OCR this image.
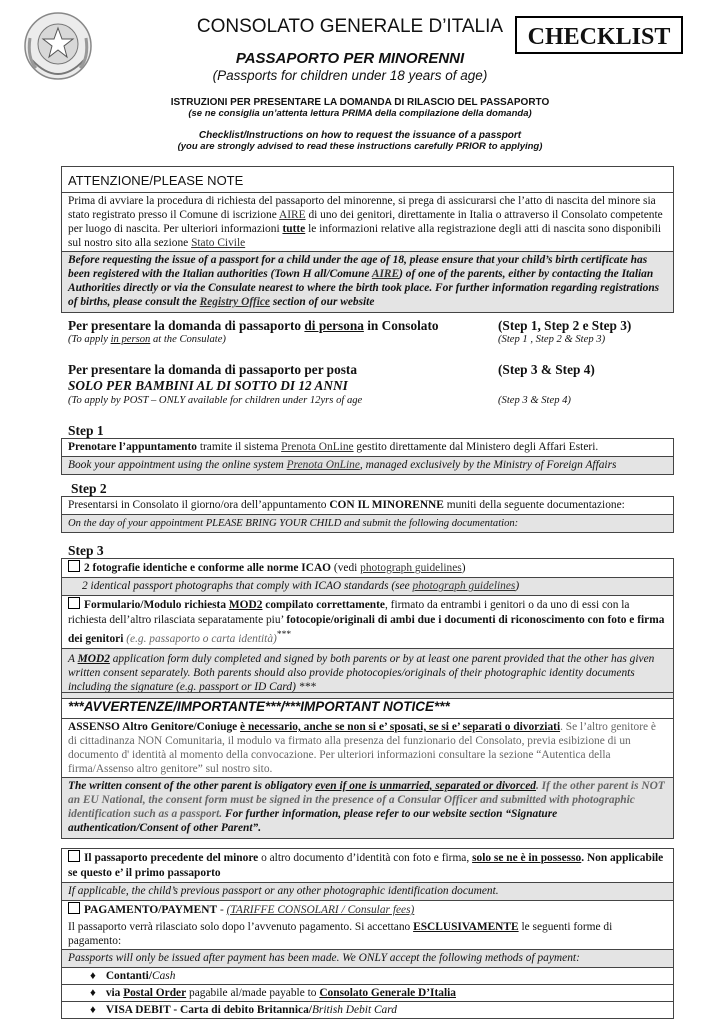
CONSOLATO GENERALE D’ITALIA	CHECKLIST
PASSAPORTO PER MINORENNI
(Passports for children under 18 years of age)
ISTRUZIONI PER PRESENTARE LA DOMANDA DI RILASCIO DEL PASSAPORTO
(se ne consiglia un’attenta lettura PRIMA della compilazione della domanda)
Checklist/Instructions on how to request the issuance of a passport
(you are strongly advised to read these instructions carefully PRIOR to applying)
ATTENZIONE/PLEASE NOTE
Prima di avviare la procedura di richiesta del passaporto del minorenne, si prega di assicurarsi che l’atto di nascita del minore sia stato registrato presso il Comune di iscrizione AIRE di uno dei genitori, direttamente in Italia o attraverso il Consolato competente per luogo di nascita. Per ulteriori informazioni tutte le informazioni relative alla registrazione degli atti di nascita sono disponibili sul nostro sito alla sezione Stato Civile
Before requesting the issue of a passport for a child under the age of 18, please ensure that your child’s birth certificate has been registered with the Italian authorities (Town H all/Comune AIRE) of one of the parents, either by contacting the Italian Authorities directly or via the Consulate nearest to where the birth took place. For further information regarding registrations of births, please consult the Registry Office section of our website
Per presentare la domanda di passaporto di persona in Consolato	(Step 1, Step 2 e Step 3)
(To apply in person at the Consulate)	(Step 1 , Step 2 & Step 3)
Per presentare la domanda di passaporto per posta	(Step 3 & Step 4)
SOLO PER BAMBINI AL DI SOTTO DI 12 ANNI
(To apply by POST – ONLY available for children under 12yrs of age	(Step 3 & Step 4)
Step 1
Prenotare l’appuntamento tramite il sistema Prenota OnLine gestito direttamente dal Ministero degli Affari Esteri.
Book your appointment using the online system Prenota OnLine, managed exclusively by the Ministry of Foreign Affairs
Step 2
Presentarsi in Consolato il giorno/ora dell’appuntamento CON IL MINORENNE muniti della seguente documentazione:
On the day of your appointment PLEASE BRING YOUR CHILD and submit the following documentation:
Step 3
2 fotografie identiche e conforme alle norme ICAO (vedi photograph guidelines)
2 identical passport photographs that comply with ICAO standards (see photograph guidelines)
Formulario/Modulo richiesta MOD2 compilato correttamente, firmato da entrambi i genitori o da uno di essi con la richiesta dell’altro rilasciata separatamente piu’ fotocopie/originali di ambi due i documenti di riconoscimento con foto e firma dei genitori (e.g. passaporto o carta identità)***
A MOD2 application form duly completed and signed by both parents or by at least one parent provided that the other has given written consent separately. Both parents should also provide photocopies/originals of their photographic identity documents including the signature (e.g. passport or ID Card) ***
***AVVERTENZE/IMPORTANTE***/***IMPORTANT NOTICE***
ASSENSO Altro Genitore/Coniuge è necessario, anche se non si e’ sposati, se si e’ separati o divorziati. Se l’altro genitore è di cittadinanza NON Comunitaria, il modulo va firmato alla presenza del funzionario del Consolato, previa esibizione di un documento d' identità al momento della convocazione. Per ulteriori informazioni consultare la sezione “Autentica della firma/Assenso altro genitore” sul nostro sito.
The written consent of the other parent is obligatory even if one is unmarried, separated or divorced. If the other parent is NOT an EU National, the consent form must be signed in the presence of a Consular Officer and submitted with photographic identification such as a passport. For further information, please refer to our website section “Signature authentication/Consent of other Parent”.
Il passaporto precedente del minore o altro documento d’identità con foto e firma, solo se ne è in possesso. Non applicabile se questo e’ il primo passaporto
If applicable, the child’s previous passport or any other photographic identification document.
PAGAMENTO/PAYMENT - (TARIFFE CONSOLARI / Consular fees)
Il passaporto verrà rilasciato solo dopo l’avvenuto pagamento. Si accettano ESCLUSIVAMENTE le seguenti forme di pagamento:
Passports will only be issued after payment has been made. We ONLY accept the following methods of payment:
♦ Contanti/Cash
♦ via Postal Order pagabile al/made payable to Consolato Generale D’Italia
♦ VISA DEBIT - Carta di debito Britannica/British Debit Card
